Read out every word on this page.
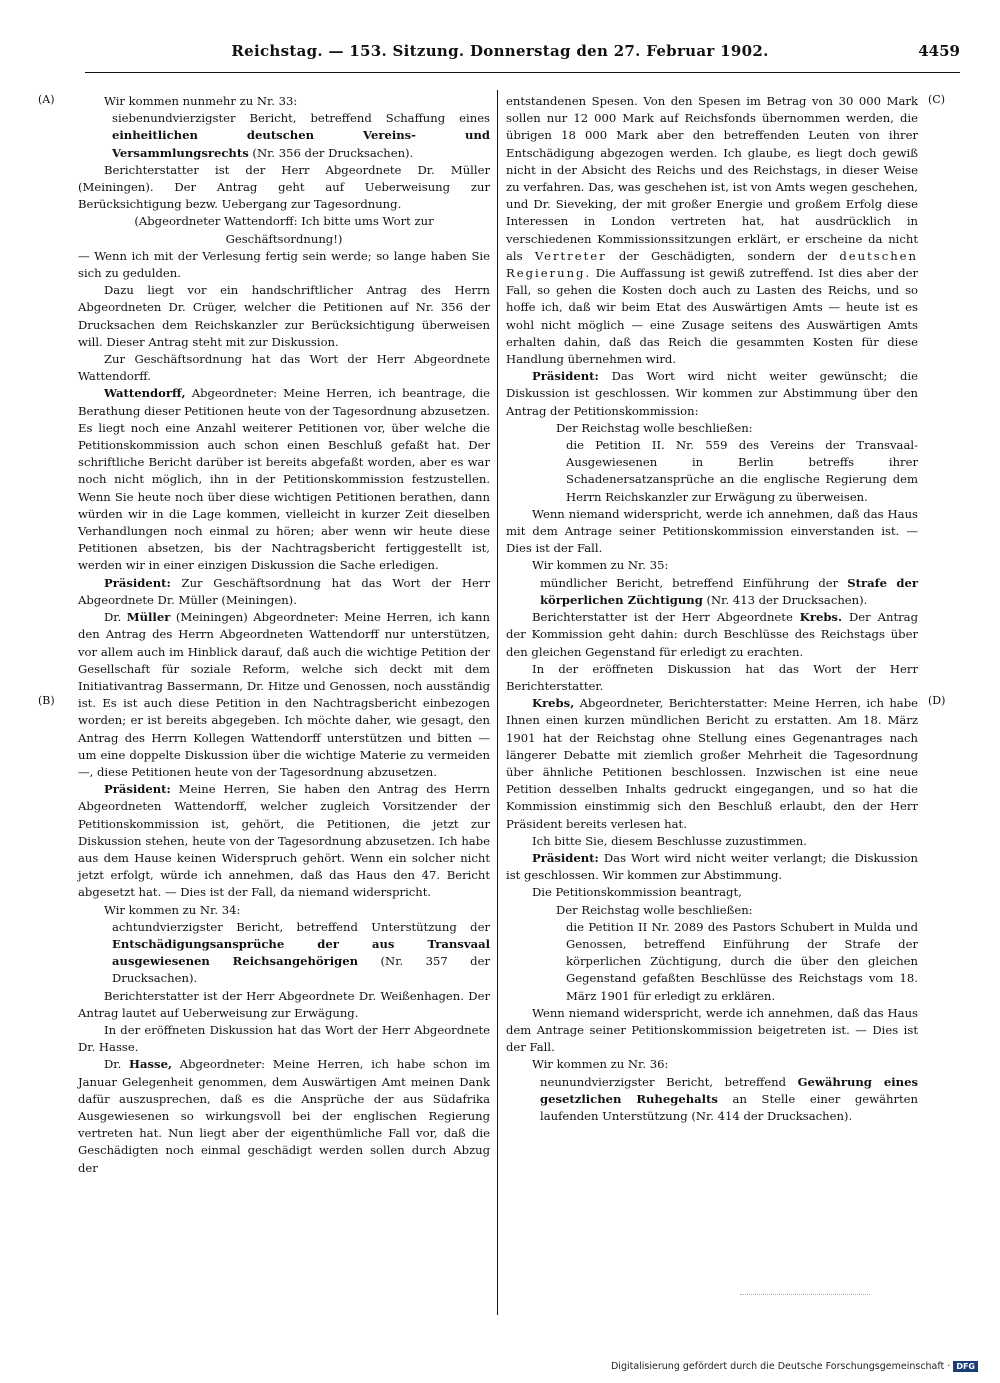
Reichstag. — 153. Sitzung. Donnerstag den 27. Februar 1902.	4459
(A)
(B)
(C)
(D)

Wir kommen nunmehr zu Nr. 33:

siebenundvierzigster Bericht, betreffend Schaffung eines einheitlichen deutschen Vereins- und Versammlungsrechts (Nr. 356 der Drucksachen).

Berichterstatter ist der Herr Abgeordnete Dr. Müller (Meiningen). Der Antrag geht auf Ueberweisung zur Berücksichtigung bezw. Uebergang zur Tagesordnung.

(Abgeordneter Wattendorff: Ich bitte ums Wort zur Geschäftsordnung!)

— Wenn ich mit der Verlesung fertig sein werde; so lange haben Sie sich zu gedulden.

Dazu liegt vor ein handschriftlicher Antrag des Herrn Abgeordneten Dr. Crüger, welcher die Petitionen auf Nr. 356 der Drucksachen dem Reichskanzler zur Berücksichtigung überweisen will. Dieser Antrag steht mit zur Diskussion.

Zur Geschäftsordnung hat das Wort der Herr Abgeordnete Wattendorff.

Wattendorff, Abgeordneter: Meine Herren, ich beantrage, die Berathung dieser Petitionen heute von der Tagesordnung abzusetzen. Es liegt noch eine Anzahl weiterer Petitionen vor, über welche die Petitionskommission auch schon einen Beschluß gefaßt hat. Der schriftliche Bericht darüber ist bereits abgefaßt worden, aber es war noch nicht möglich, ihn in der Petitionskommission festzustellen. Wenn Sie heute noch über diese wichtigen Petitionen berathen, dann würden wir in die Lage kommen, vielleicht in kurzer Zeit dieselben Verhandlungen noch einmal zu hören; aber wenn wir heute diese Petitionen absetzen, bis der Nachtragsbericht fertiggestellt ist, werden wir in einer einzigen Diskussion die Sache erledigen.

Präsident: Zur Geschäftsordnung hat das Wort der Herr Abgeordnete Dr. Müller (Meiningen).

Dr. Müller (Meiningen) Abgeordneter: Meine Herren, ich kann den Antrag des Herrn Abgeordneten Wattendorff nur unterstützen, vor allem auch im Hinblick darauf, daß auch die wichtige Petition der Gesellschaft für soziale Reform, welche sich deckt mit dem Initiativantrag Bassermann, Dr. Hitze und Genossen, noch ausständig ist. Es ist auch diese Petition in den Nachtragsbericht einbezogen worden; er ist bereits abgegeben. Ich möchte daher, wie gesagt, den Antrag des Herrn Kollegen Wattendorff unterstützen und bitten — um eine doppelte Diskussion über die wichtige Materie zu vermeiden —, diese Petitionen heute von der Tagesordnung abzusetzen.

Präsident: Meine Herren, Sie haben den Antrag des Herrn Abgeordneten Wattendorff, welcher zugleich Vorsitzender der Petitionskommission ist, gehört, die Petitionen, die jetzt zur Diskussion stehen, heute von der Tagesordnung abzusetzen. Ich habe aus dem Hause keinen Widerspruch gehört. Wenn ein solcher nicht jetzt erfolgt, würde ich annehmen, daß das Haus den 47. Bericht abgesetzt hat. — Dies ist der Fall, da niemand widerspricht.

Wir kommen zu Nr. 34:

achtundvierzigster Bericht, betreffend Unterstützung der Entschädigungsansprüche der aus Transvaal ausgewiesenen Reichsangehörigen (Nr. 357 der Drucksachen).

Berichterstatter ist der Herr Abgeordnete Dr. Weißenhagen. Der Antrag lautet auf Ueberweisung zur Erwägung.

In der eröffneten Diskussion hat das Wort der Herr Abgeordnete Dr. Hasse.

Dr. Hasse, Abgeordneter: Meine Herren, ich habe schon im Januar Gelegenheit genommen, dem Auswärtigen Amt meinen Dank dafür auszusprechen, daß es die Ansprüche der aus Südafrika Ausgewiesenen so wirkungsvoll bei der englischen Regierung vertreten hat. Nun liegt aber der eigenthümliche Fall vor, daß die Geschädigten noch einmal geschädigt werden sollen durch Abzug der

entstandenen Spesen. Von den Spesen im Betrag von 30 000 Mark sollen nur 12 000 Mark auf Reichsfonds übernommen werden, die übrigen 18 000 Mark aber den betreffenden Leuten von ihrer Entschädigung abgezogen werden. Ich glaube, es liegt doch gewiß nicht in der Absicht des Reichs und des Reichstags, in dieser Weise zu verfahren. Das, was geschehen ist, ist von Amts wegen geschehen, und Dr. Sieveking, der mit großer Energie und großem Erfolg diese Interessen in London vertreten hat, hat ausdrücklich in verschiedenen Kommissionssitzungen erklärt, er erscheine da nicht als Vertreter der Geschädigten, sondern der deutschen Regierung. Die Auffassung ist gewiß zutreffend. Ist dies aber der Fall, so gehen die Kosten doch auch zu Lasten des Reichs, und so hoffe ich, daß wir beim Etat des Auswärtigen Amts — heute ist es wohl nicht möglich — eine Zusage seitens des Auswärtigen Amts erhalten dahin, daß das Reich die gesammten Kosten für diese Handlung übernehmen wird.

Präsident: Das Wort wird nicht weiter gewünscht; die Diskussion ist geschlossen. Wir kommen zur Abstimmung über den Antrag der Petitionskommission:

Der Reichstag wolle beschließen:

die Petition II. Nr. 559 des Vereins der Transvaal-Ausgewiesenen in Berlin betreffs ihrer Schadenersatzansprüche an die englische Regierung dem Herrn Reichskanzler zur Erwägung zu überweisen.

Wenn niemand widerspricht, werde ich annehmen, daß das Haus mit dem Antrage seiner Petitionskommission einverstanden ist. — Dies ist der Fall.

Wir kommen zu Nr. 35:

mündlicher Bericht, betreffend Einführung der Strafe der körperlichen Züchtigung (Nr. 413 der Drucksachen).

Berichterstatter ist der Herr Abgeordnete Krebs. Der Antrag der Kommission geht dahin: durch Beschlüsse des Reichstags über den gleichen Gegenstand für erledigt zu erachten.

In der eröffneten Diskussion hat das Wort der Herr Berichterstatter.

Krebs, Abgeordneter, Berichterstatter: Meine Herren, ich habe Ihnen einen kurzen mündlichen Bericht zu erstatten. Am 18. März 1901 hat der Reichstag ohne Stellung eines Gegenantrages nach längerer Debatte mit ziemlich großer Mehrheit die Tagesordnung über ähnliche Petitionen beschlossen. Inzwischen ist eine neue Petition desselben Inhalts gedruckt eingegangen, und so hat die Kommission einstimmig sich den Beschluß erlaubt, den der Herr Präsident bereits verlesen hat.

Ich bitte Sie, diesem Beschlusse zuzustimmen.

Präsident: Das Wort wird nicht weiter verlangt; die Diskussion ist geschlossen. Wir kommen zur Abstimmung.

Die Petitionskommission beantragt,

Der Reichstag wolle beschließen:

die Petition II Nr. 2089 des Pastors Schubert in Mulda und Genossen, betreffend Einführung der Strafe der körperlichen Züchtigung, durch die über den gleichen Gegenstand gefaßten Beschlüsse des Reichstags vom 18. März 1901 für erledigt zu erklären.

Wenn niemand widerspricht, werde ich annehmen, daß das Haus dem Antrage seiner Petitionskommission beigetreten ist. — Dies ist der Fall.

Wir kommen zu Nr. 36:

neunundvierzigster Bericht, betreffend Gewährung eines gesetzlichen Ruhegehalts an Stelle einer gewährten laufenden Unterstützung (Nr. 414 der Drucksachen).

Digitalisierung gefördert durch die Deutsche Forschungsgemeinschaft · DFG
